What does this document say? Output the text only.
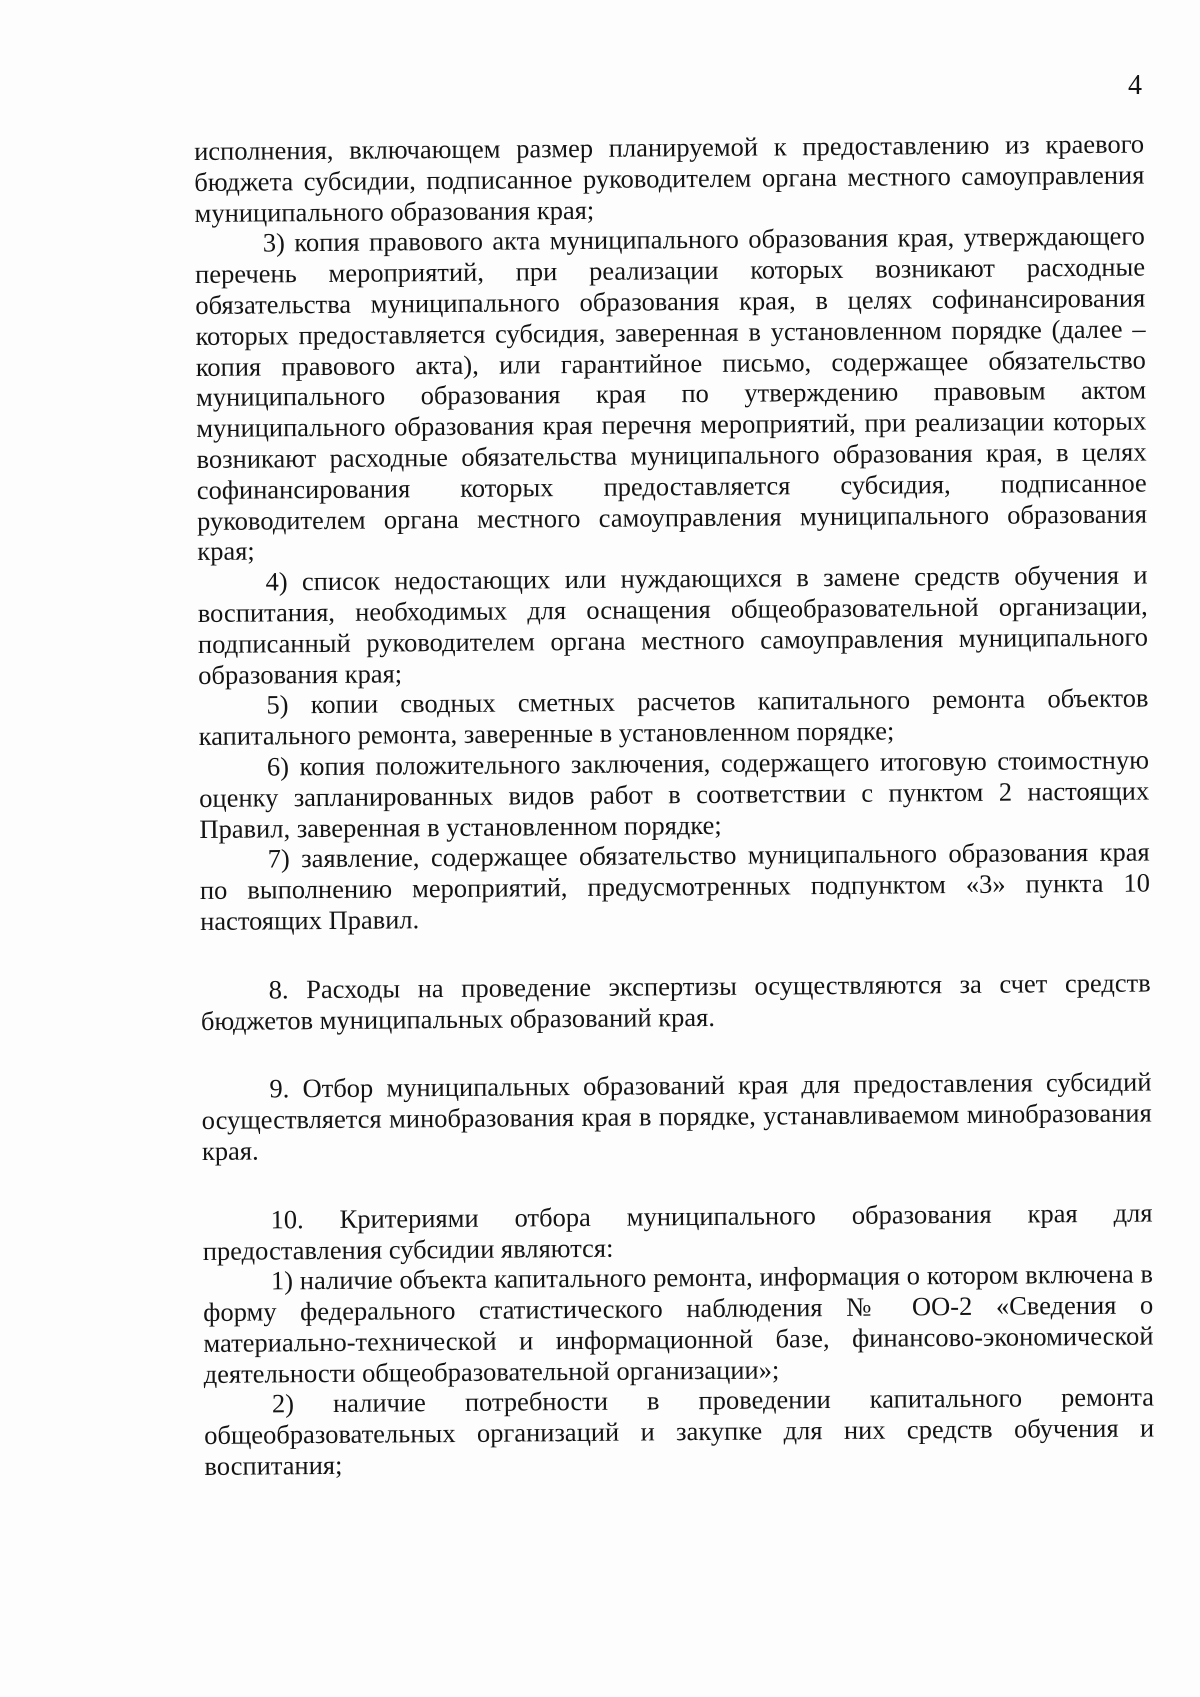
4

исполнения, включающем размер планируемой к предоставлению из краевого бюджета субсидии, подписанное руководителем органа местного самоуправления муниципального образования края;

3) копия правового акта муниципального образования края, утверждающего перечень мероприятий, при реализации которых возникают расходные обязательства муниципального образования края, в целях софинансирования которых предоставляется субсидия, заверенная в установленном порядке (далее – копия правового акта), или гарантийное письмо, содержащее обязательство муниципального образования края по утверждению правовым актом муниципального образования края перечня мероприятий, при реализации которых возникают расходные обязательства муниципального образования края, в целях софинансирования которых предоставляется субсидия, подписанное руководителем органа местного самоуправления муниципального образования края;

4) список недостающих или нуждающихся в замене средств обучения и воспитания, необходимых для оснащения общеобразовательной организации, подписанный руководителем органа местного самоуправления муниципального образования края;

5) копии сводных сметных расчетов капитального ремонта объектов капитального ремонта, заверенные в установленном порядке;

6) копия положительного заключения, содержащего итоговую стоимостную оценку запланированных видов работ в соответствии с пунктом 2 настоящих Правил, заверенная в установленном порядке;

7) заявление, содержащее обязательство муниципального образования края по выполнению мероприятий, предусмотренных подпунктом «3» пункта 10 настоящих Правил.

8. Расходы на проведение экспертизы осуществляются за счет средств бюджетов муниципальных образований края.

9. Отбор муниципальных образований края для предоставления субсидий осуществляется минобразования края в порядке, устанавливаемом минобразования края.

10. Критериями отбора муниципального образования края для предоставления субсидии являются:

1) наличие объекта капитального ремонта, информация о котором включена в форму федерального статистического наблюдения № ОО-2 «Сведения о материально-технической и информационной базе, финансово-экономической деятельности общеобразовательной организации»;

2) наличие потребности в проведении капитального ремонта общеобразовательных организаций и закупке для них средств обучения и воспитания;
